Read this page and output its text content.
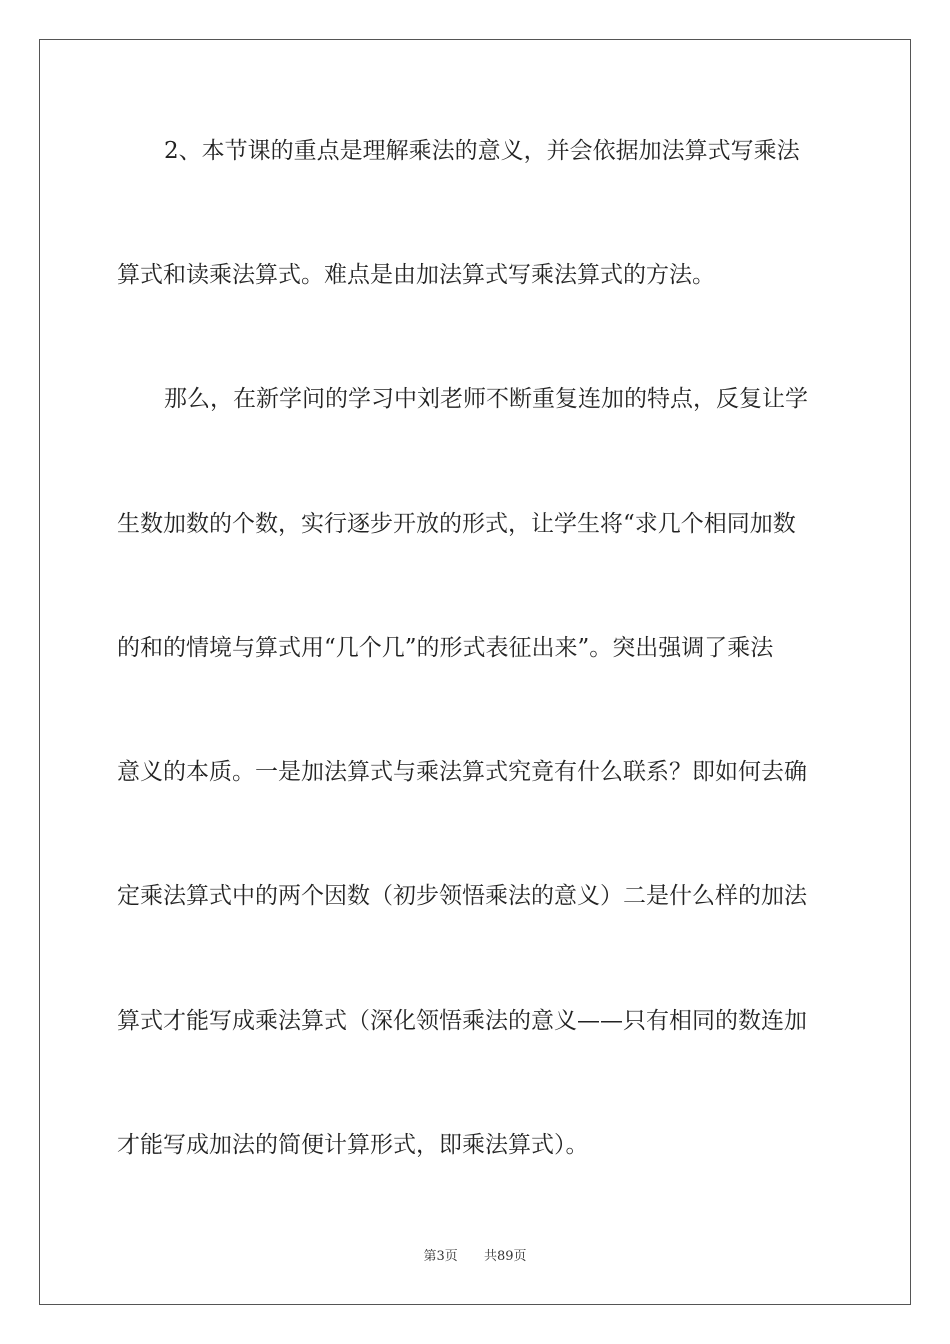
2、本节课的重点是理解乘法的意义，并会依据加法算式写乘法
算式和读乘法算式。难点是由加法算式写乘法算式的方法。
那么，在新学问的学习中刘老师不断重复连加的特点，反复让学
生数加数的个数，实行逐步开放的形式，让学生将“求几个相同加数
的和的情境与算式用“几个几”的形式表征出来”。突出强调了乘法
意义的本质。一是加法算式与乘法算式究竟有什么联系？即如何去确
定乘法算式中的两个因数（初步领悟乘法的意义）二是什么样的加法
算式才能写成乘法算式（深化领悟乘法的意义——只有相同的数连加
才能写成加法的简便计算形式，即乘法算式）。
第3页 共89页
